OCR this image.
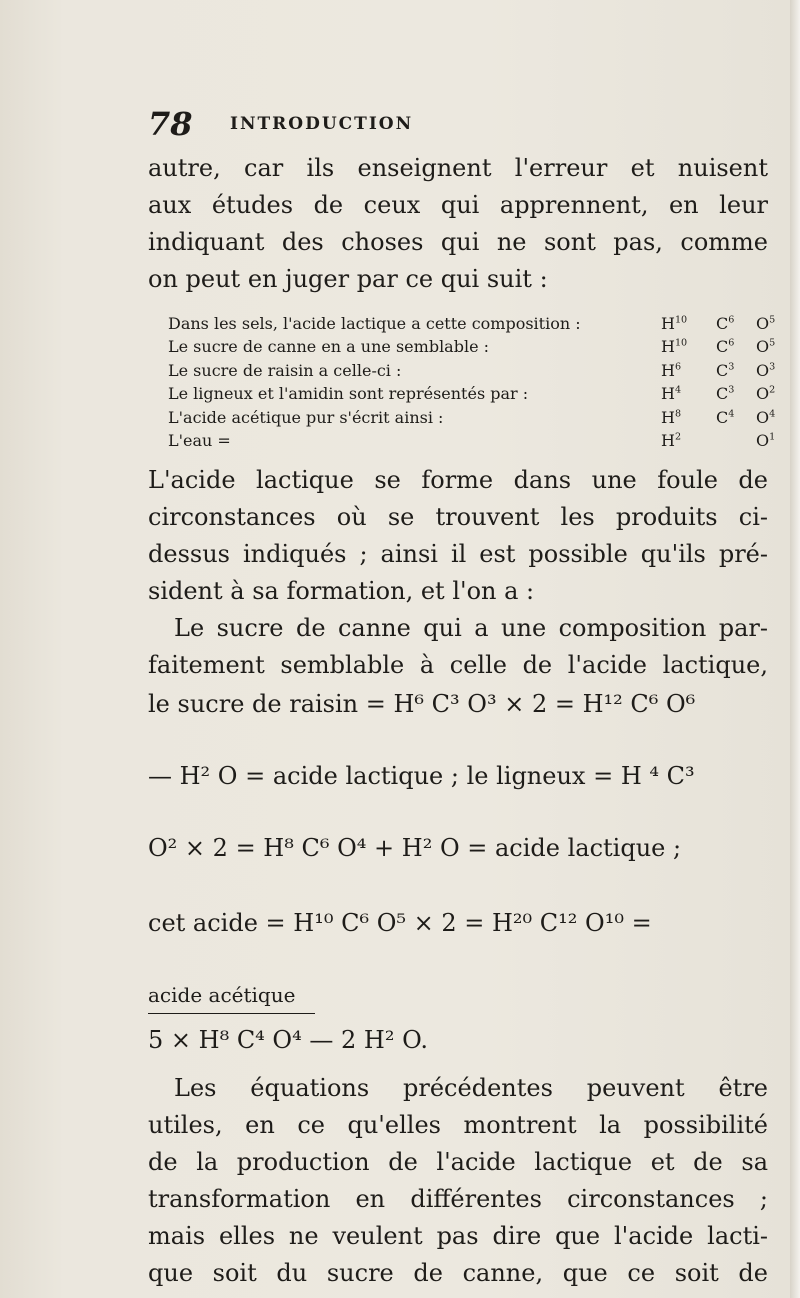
78 INTRODUCTION
autre, car ils enseignent l'erreur et nuisent
aux études de ceux qui apprennent, en leur
indiquant des choses qui ne sont pas, comme
on peut en juger par ce qui suit :
Dans les sels, l'acide lactique a cette composition :	$H^{10}$ $C^6$ $O^5$
Le sucre de canne en a une semblable :	$H^{10}$ $C^6$ $O^5$
Le sucre de raisin a celle-ci :	$H^6$ $C^3$ $O^3$
Le ligneux et l'amidin sont représentés par :	$H^4$ $C^3$ $O^2$
L'acide acétique pur s'écrit ainsi :	$H^8$ $C^4$ $O^4$
L'eau =	$H^2$	$O^1$
L'acide lactique se forme dans une foule de
circonstances où se trouvent les produits ci-
dessus indiqués ; ainsi il est possible qu'ils pré-
sident à sa formation, et l'on a :
Le sucre de canne qui a une composition par-
faitement semblable à celle de l'acide lactique,
le sucre de raisin = H⁶ C³ O³ × 2 = H¹² C⁶ O⁶
— H² O = acide lactique ; le ligneux = H ⁴ C³
O² × 2 = H⁸ C⁶ O⁴ + H² O = acide lactique ;
cet acide = H¹⁰ C⁶ O⁵ × 2 = H²⁰ C¹² O¹⁰ =
acide acétique
5 × H⁸ C⁴ O⁴ — 2 H² O.
Les équations précédentes peuvent être
utiles, en ce qu'elles montrent la possibilité
de la production de l'acide lactique et de sa
transformation en différentes circonstances ;
mais elles ne veulent pas dire que l'acide lacti-
que soit du sucre de canne, que ce soit de
